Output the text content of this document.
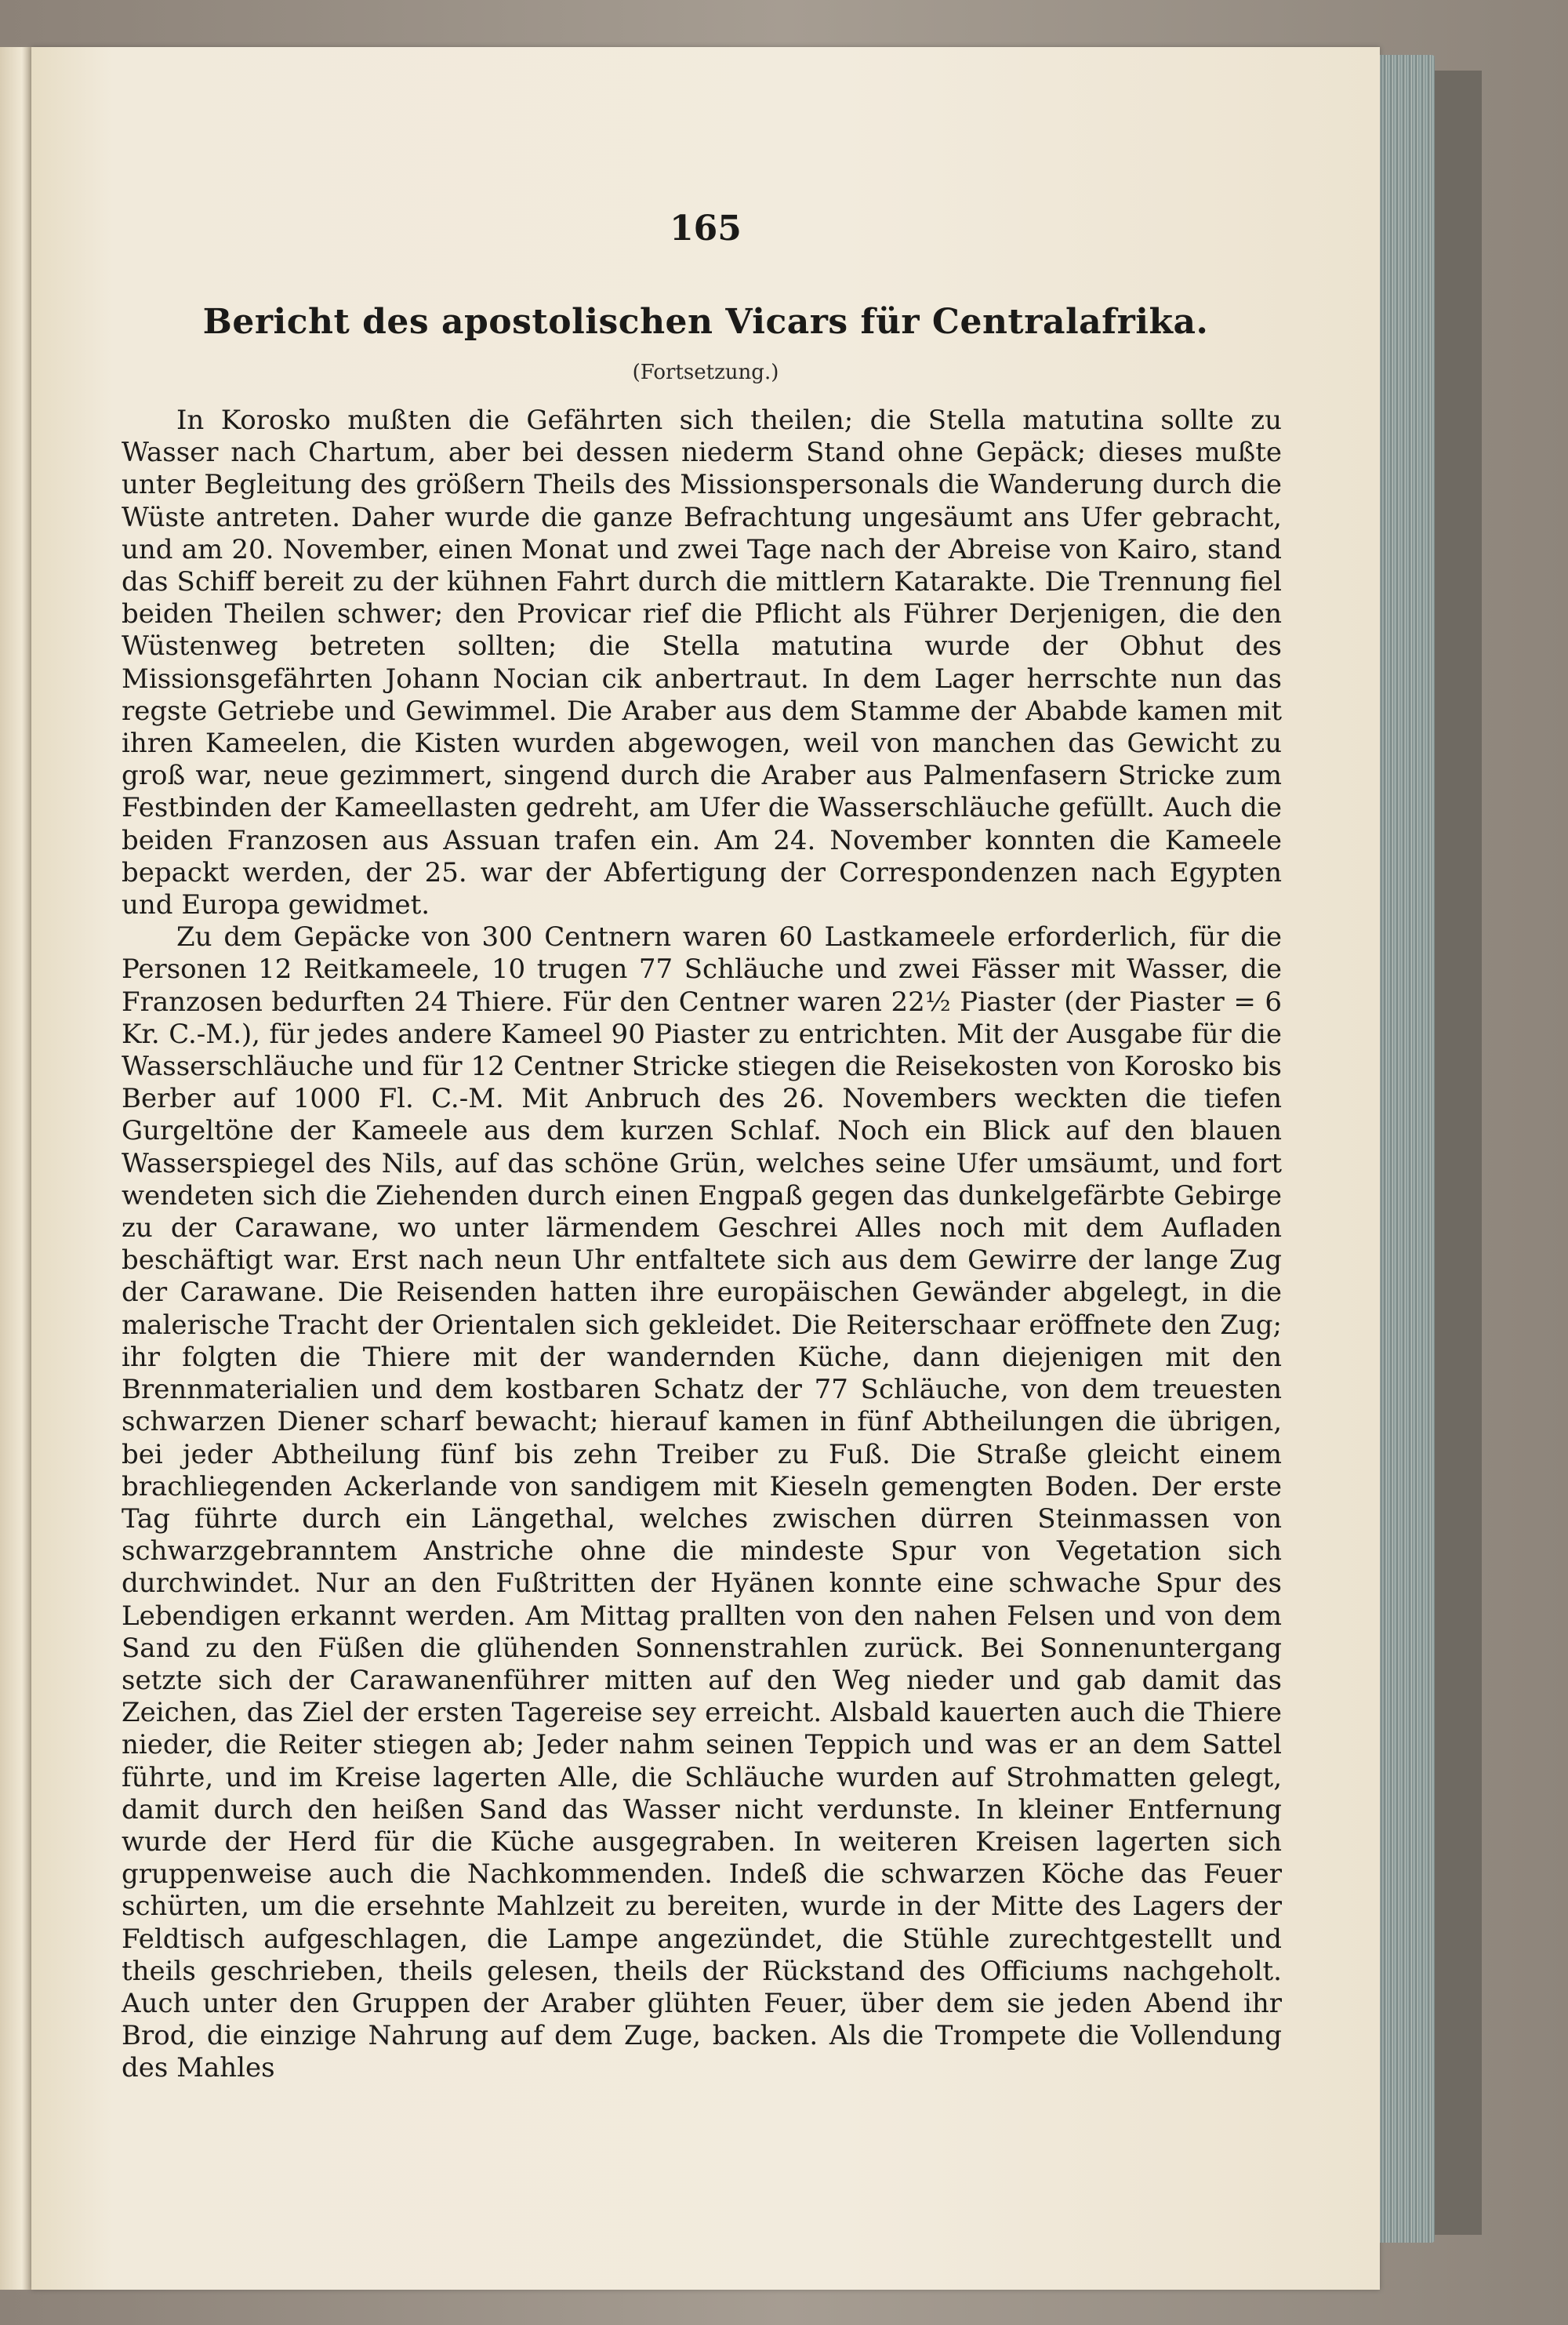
165
Bericht des apostolischen Vicars für Centralafrika.
(Fortsetzung.)

In Korosko mußten die Gefährten sich theilen; die Stella matutina sollte zu Wasser nach Chartum, aber bei dessen niederm Stand ohne Gepäck; dieses mußte unter Begleitung des größern Theils des Missionspersonals die Wanderung durch die Wüste antreten. Daher wurde die ganze Befrachtung ungesäumt ans Ufer gebracht, und am 20. November, einen Monat und zwei Tage nach der Abreise von Kairo, stand das Schiff bereit zu der kühnen Fahrt durch die mittlern Katarakte. Die Trennung fiel beiden Theilen schwer; den Provicar rief die Pflicht als Führer Derjenigen, die den Wüstenweg betreten sollten; die Stella matutina wurde der Obhut des Missionsgefährten Johann Nocian cik anbertraut. In dem Lager herrschte nun das regste Getriebe und Gewimmel. Die Araber aus dem Stamme der Ababde kamen mit ihren Kameelen, die Kisten wurden abgewogen, weil von manchen das Gewicht zu groß war, neue gezimmert, singend durch die Araber aus Palmenfasern Stricke zum Festbinden der Kameellasten gedreht, am Ufer die Wasserschläuche gefüllt. Auch die beiden Franzosen aus Assuan trafen ein. Am 24. November konnten die Kameele bepackt werden, der 25. war der Abfertigung der Correspondenzen nach Egypten und Europa gewidmet.

Zu dem Gepäcke von 300 Centnern waren 60 Lastkameele erforderlich, für die Personen 12 Reitkameele, 10 trugen 77 Schläuche und zwei Fässer mit Wasser, die Franzosen bedurften 24 Thiere. Für den Centner waren 22½ Piaster (der Piaster = 6 Kr. C.-M.), für jedes andere Kameel 90 Piaster zu entrichten. Mit der Ausgabe für die Wasserschläuche und für 12 Centner Stricke stiegen die Reisekosten von Korosko bis Berber auf 1000 Fl. C.-M. Mit Anbruch des 26. Novembers weckten die tiefen Gurgeltöne der Kameele aus dem kurzen Schlaf. Noch ein Blick auf den blauen Wasserspiegel des Nils, auf das schöne Grün, welches seine Ufer umsäumt, und fort wendeten sich die Ziehenden durch einen Engpaß gegen das dunkelgefärbte Gebirge zu der Carawane, wo unter lärmendem Geschrei Alles noch mit dem Aufladen beschäftigt war. Erst nach neun Uhr entfaltete sich aus dem Gewirre der lange Zug der Carawane. Die Reisenden hatten ihre europäischen Gewänder abgelegt, in die malerische Tracht der Orientalen sich gekleidet. Die Reiterschaar eröffnete den Zug; ihr folgten die Thiere mit der wandernden Küche, dann diejenigen mit den Brennmaterialien und dem kostbaren Schatz der 77 Schläuche, von dem treuesten schwarzen Diener scharf bewacht; hierauf kamen in fünf Abtheilungen die übrigen, bei jeder Abtheilung fünf bis zehn Treiber zu Fuß. Die Straße gleicht einem brachliegenden Ackerlande von sandigem mit Kieseln gemengten Boden. Der erste Tag führte durch ein Längethal, welches zwischen dürren Steinmassen von schwarzgebranntem Anstriche ohne die mindeste Spur von Vegetation sich durchwindet. Nur an den Fußtritten der Hyänen konnte eine schwache Spur des Lebendigen erkannt werden. Am Mittag prallten von den nahen Felsen und von dem Sand zu den Füßen die glühenden Sonnenstrahlen zurück. Bei Sonnenuntergang setzte sich der Carawanenführer mitten auf den Weg nieder und gab damit das Zeichen, das Ziel der ersten Tagereise sey erreicht. Alsbald kauerten auch die Thiere nieder, die Reiter stiegen ab; Jeder nahm seinen Teppich und was er an dem Sattel führte, und im Kreise lagerten Alle, die Schläuche wurden auf Strohmatten gelegt, damit durch den heißen Sand das Wasser nicht verdunste. In kleiner Entfernung wurde der Herd für die Küche ausgegraben. In weiteren Kreisen lagerten sich gruppenweise auch die Nachkommenden. Indeß die schwarzen Köche das Feuer schürten, um die ersehnte Mahlzeit zu bereiten, wurde in der Mitte des Lagers der Feldtisch aufgeschlagen, die Lampe angezündet, die Stühle zurechtgestellt und theils geschrieben, theils gelesen, theils der Rückstand des Officiums nachgeholt. Auch unter den Gruppen der Araber glühten Feuer, über dem sie jeden Abend ihr Brod, die einzige Nahrung auf dem Zuge, backen. Als die Trompete die Vollendung des Mahles
